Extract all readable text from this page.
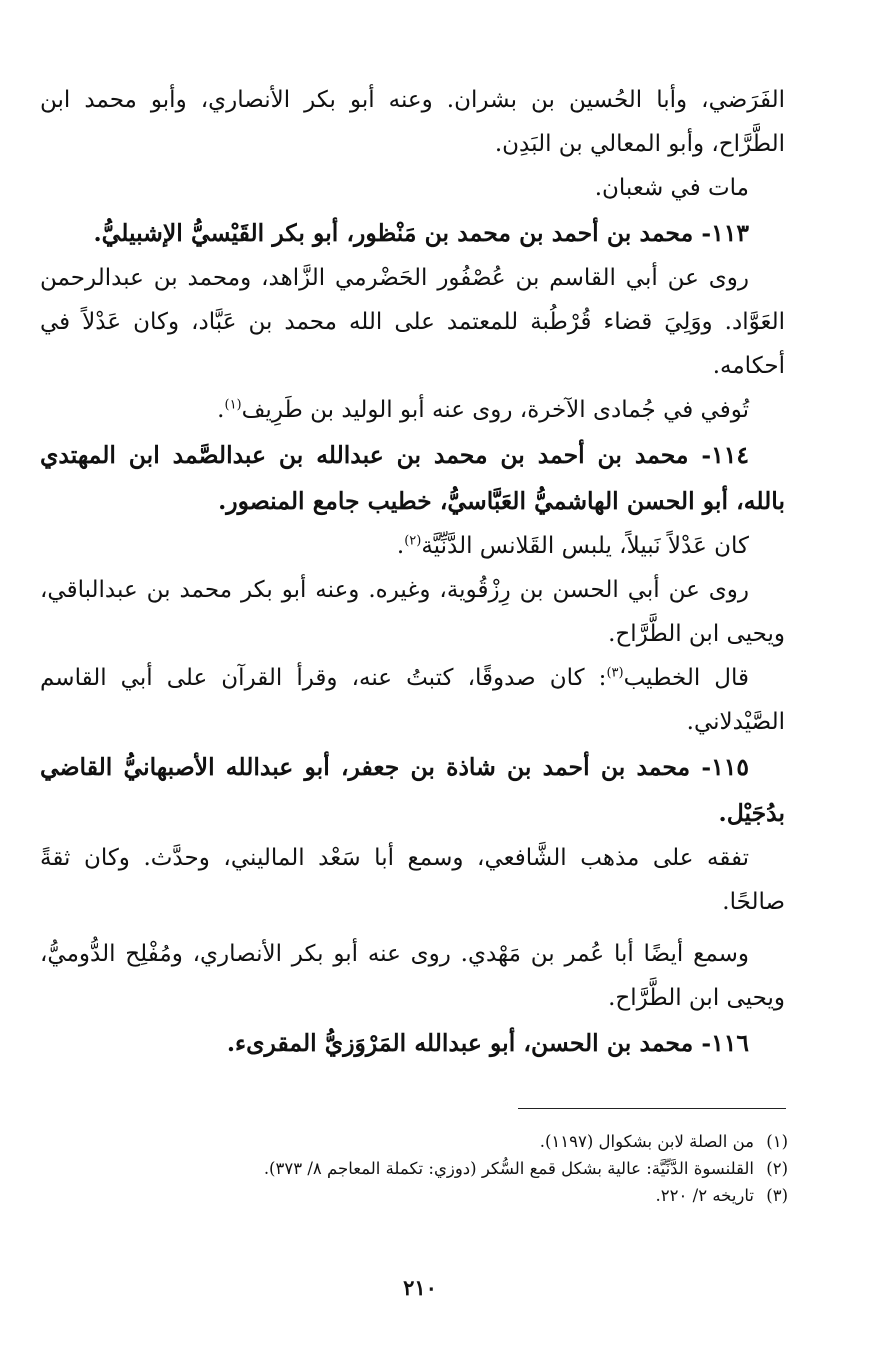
الفَرَضي، وأبا الحُسين بن بشران. وعنه أبو بكر الأنصاري، وأبو محمد ابن الطَّرَّاح، وأبو المعالي بن البَدِن.

مات في شعبان.

١١٣- محمد بن أحمد بن محمد بن مَنْظور، أبو بكر القَيْسيُّ الإشبيليُّ.

روى عن أبي القاسم بن عُصْفُور الحَضْرمي الزَّاهد، ومحمد بن عبدالرحمن العَوَّاد. ووَلِيَ قضاء قُرْطُبة للمعتمد على الله محمد بن عَبَّاد، وكان عَدْلاً في أحكامه.

تُوفي في جُمادى الآخرة، روى عنه أبو الوليد بن طَرِيف$^{(١)}$.

١١٤- محمد بن أحمد بن محمد بن عبدالله بن عبدالصَّمد ابن المهتدي بالله، أبو الحسن الهاشميُّ العَبَّاسيُّ، خطيب جامع المنصور.

كان عَدْلاً نَبيلاً، يلبس القَلانس الدَّنِّيَّة$^{(٢)}$.

روى عن أبي الحسن بن رِزْقُوية، وغيره. وعنه أبو بكر محمد بن عبدالباقي، ويحيى ابن الطَّرَّاح.

قال الخطيب$^{(٣)}$: كان صدوقًا، كتبتُ عنه، وقرأ القرآن على أبي القاسم الصَّيْدلاني.

١١٥- محمد بن أحمد بن شاذة بن جعفر، أبو عبدالله الأصبهانيُّ القاضي بدُجَيْل.

تفقه على مذهب الشَّافعي، وسمع أبا سَعْد الماليني، وحدَّث. وكان ثقةً صالحًا.

وسمع أيضًا أبا عُمر بن مَهْدي. روى عنه أبو بكر الأنصاري، ومُفْلِح الدُّوميُّ، ويحيى ابن الطَّرَّاح.

١١٦- محمد بن الحسن، أبو عبدالله المَرْوَزيُّ المقرىء.

(١)من الصلة لابن بشكوال (١١٩٧).

(٢)القلنسوة الدَّنِّيَّة: عالية بشكل قمع السُّكر (دوزي: تكملة المعاجم ٨/ ٣٧٣).

(٣)تاريخه ٢/ ٢٢٠.

٢١٠
